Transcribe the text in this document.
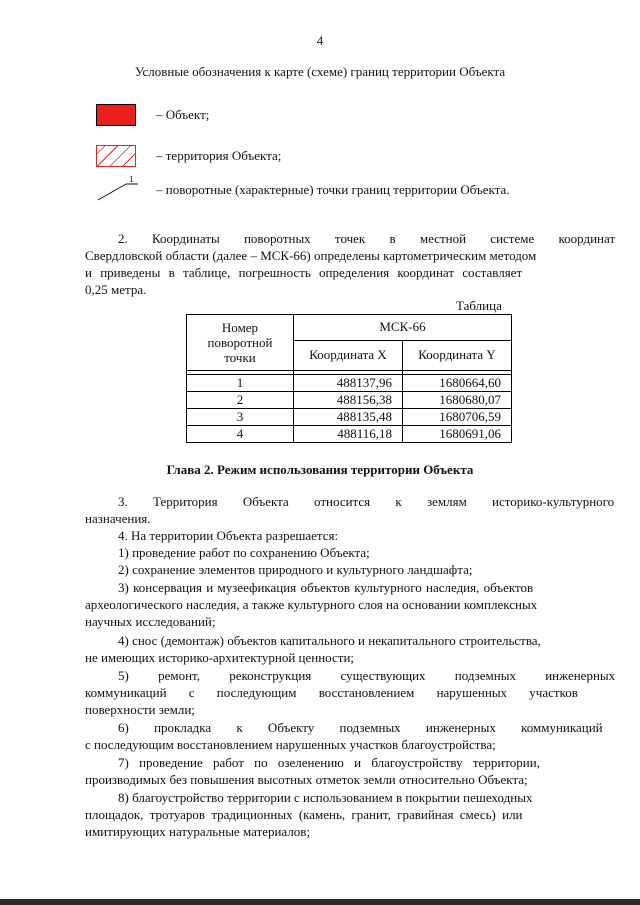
4
Условные обозначения к карте (схеме) границ территории Объекта
– Объект;
– территория Объекта;
1
– поворотные (характерные) точки границ территории Объекта.
2. Координаты поворотных точек в местной системе координат
Свердловской области (далее – МСК-66) определены картометрическим методом
и приведены в таблице, погрешность определения координат составляет
0,25 метра.
Таблица
Номер поворотной точки	МСК-66	
	Координата X	Координата Y

1	488137,96	1680664,60
2	488156,38	1680680,07
3	488135,48	1680706,59
4	488116,18	1680691,06
Глава 2. Режим использования территории Объекта
3. Территория Объекта относится к землям историко-культурного
назначения.
4. На территории Объекта разрешается:
1) проведение работ по сохранению Объекта;
2) сохранение элементов природного и культурного ландшафта;
3) консервация и музеефикация объектов культурного наследия, объектов
археологического наследия, а также культурного слоя на основании комплексных
научных исследований;
4) снос (демонтаж) объектов капитального и некапитального строительства,
не имеющих историко-архитектурной ценности;
5) ремонт, реконструкция существующих подземных инженерных
коммуникаций с последующим восстановлением нарушенных участков
поверхности земли;
6) прокладка к Объекту подземных инженерных коммуникаций
с последующим восстановлением нарушенных участков благоустройства;
7) проведение работ по озеленению и благоустройству территории,
производимых без повышения высотных отметок земли относительно Объекта;
8) благоустройство территории с использованием в покрытии пешеходных
площадок, тротуаров традиционных (камень, гранит, гравийная смесь) или
имитирующих натуральные материалов;
